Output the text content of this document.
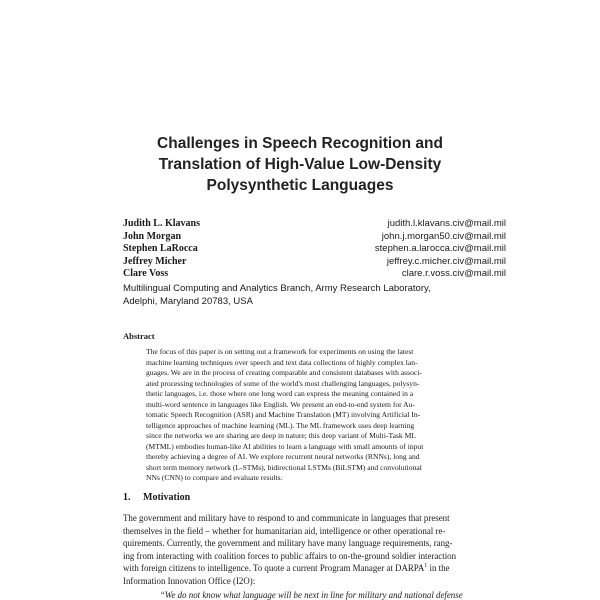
Challenges in Speech Recognition and
Translation of High-Value Low-Density
Polysynthetic Languages
Judith L. Klavans	judith.l.klavans.civ@mail.mil
John Morgan	john.j.morgan50.civ@mail.mil
Stephen LaRocca	stephen.a.larocca.civ@mail.mil
Jeffrey Micher	jeffrey.c.micher.civ@mail.mil
Clare Voss	clare.r.voss.civ@mail.mil
Multilingual Computing and Analytics Branch, Army Research Laboratory,
Adelphi, Maryland 20783, USA
Abstract
The focus of this paper is on setting out a framework for experiments on using the latest
machine learning techniques over speech and text data collections of highly complex lan-
guages. We are in the process of creating comparable and consistent databases with associ-
ated processing technologies of some of the world's most challenging languages, polysyn-
thetic languages, i.e. those where one long word can express the meaning contained in a
multi-word sentence in languages like English. We present an end-to-end system for Au-
tomatic Speech Recognition (ASR) and Machine Translation (MT) involving Artificial In-
telligence approaches of machine learning (ML). The ML framework uses deep learning
since the networks we are sharing are deep in nature; this deep variant of Multi-Task ML
(MTML) embodies human-like AI abilities to learn a language with small amounts of input
thereby achieving a degree of AI. We explore recurrent neural networks (RNNs), long and
short term memory network (L-STMs), bidirectional LSTMs (BiLSTM) and convolutional
NNs (CNN) to compare and evaluate results.
1. Motivation
The government and military have to respond to and communicate in languages that present
themselves in the field – whether for humanitarian aid, intelligence or other operational re-
quirements. Currently, the government and military have many language requirements, rang-
ing from interacting with coalition forces to public affairs to on-the-ground soldier interaction
with foreign citizens to intelligence. To quote a current Program Manager at DARPA$^1$ in the
Information Innovation Office (I2O):
“We do not know what language will be next in line for military and national defense
